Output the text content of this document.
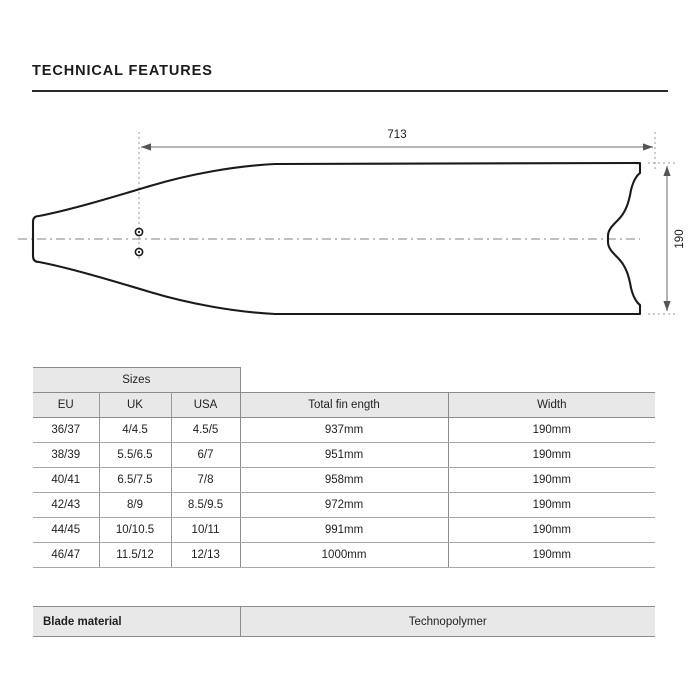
TECHNICAL FEATURES
713
190
Sizes				
EU	UK	USA	Total fin ength	Width
36/37	4/4.5	4.5/5	937mm	190mm
38/39	5.5/6.5	6/7	951mm	190mm
40/41	6.5/7.5	7/8	958mm	190mm
42/43	8/9	8.5/9.5	972mm	190mm
44/45	10/10.5	10/11	991mm	190mm
46/47	11.5/12	12/13	1000mm	190mm
Blade material	Technopolymer
